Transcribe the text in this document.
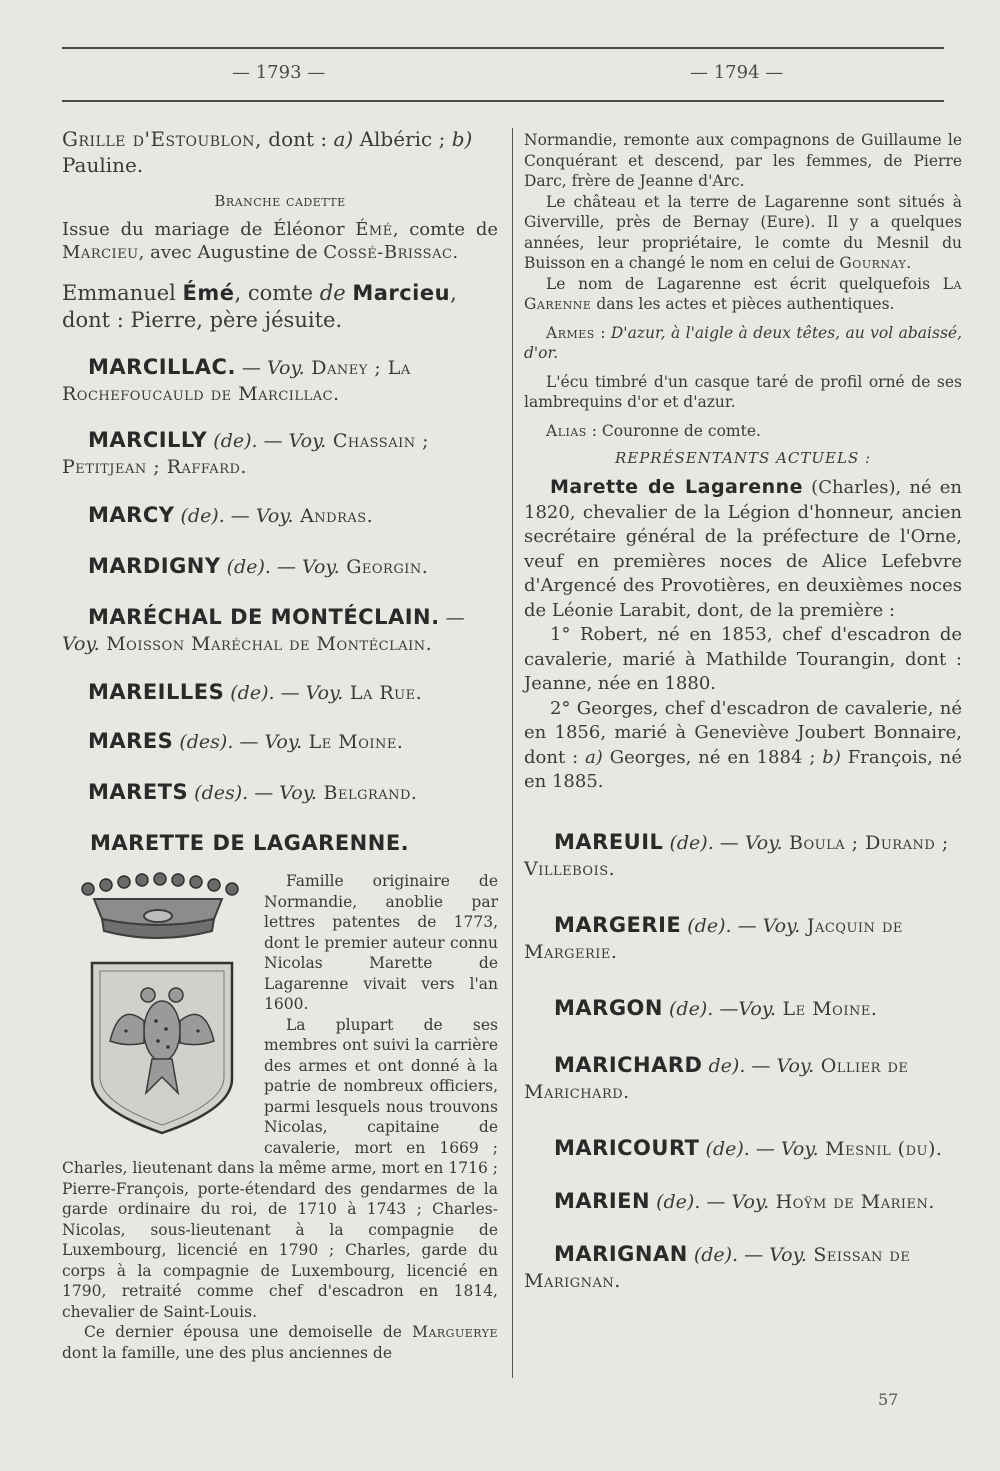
— 1793 —	— 1794 —

Grille d'Estoublon, dont : a) Albéric ; b) Pauline.

Branche cadette

Issue du mariage de Éléonor Émé, comte de Marciеu, avec Augustine de Cossé-Brissac.

Emmanuel Émé, comte de Marcieu, dont : Pierre, père jésuite.

MARCILLAC. — Voy. Daney ; La Rochefoucauld de Marcillac.

MARCILLY (de). — Voy. Chassain ; Petitjean ; Raffard.

MARCY (de). — Voy. Andras.

MARDIGNY (de). — Voy. Georgin.

MARÉCHAL DE MONTÉCLAIN. — Voy. Moisson Maréchal de Montéclain.

MAREILLES (de). — Voy. La Rue.

MARES (des). — Voy. Le Moine.

MARETS (des). — Voy. Belgrand.

MARETTE DE LAGARENNE.

Famille originaire de Normandie, anoblie par lettres patentes de 1773, dont le premier auteur connu Nicolas Marette de Lagarenne vivait vers l'an 1600.

La plupart de ses membres ont suivi la carrière des armes et ont donné à la patrie de nombreux officiers, parmi lesquels nous trouvons Nicolas, capitaine de cavalerie, mort en 1669 ; Charles, lieutenant dans la même arme, mort en 1716 ; Pierre-François, porte-étendard des gendarmes de la garde ordinaire du roi, de 1710 à 1743 ; Charles-Nicolas, sous-lieutenant à la compagnie de Luxembourg, licencié en 1790 ; Charles, garde du corps à la compagnie de Luxembourg, licencié en 1790, retraité comme chef d'escadron en 1814, chevalier de Saint-Louis.

Ce dernier épousa une demoiselle de Marguerye dont la famille, une des plus anciennes de

Normandie, remonte aux compagnons de Guillaume le Conquérant et descend, par les femmes, de Pierre Darc, frère de Jeanne d'Arc.

Le château et la terre de Lagarenne sont situés à Giverville, près de Bernay (Eure). Il y a quelques années, leur propriétaire, le comte du Mesnil du Buisson en a changé le nom en celui de Gournay.

Le nom de Lagarenne est écrit quelquefois La Garenne dans les actes et pièces authentiques.

Armes : D'azur, à l'aigle à deux têtes, au vol abaissé, d'or.

L'écu timbré d'un casque taré de profil orné de ses lambrequins d'or et d'azur.

Alias : Couronne de comte.

REPRÉSENTANTS ACTUELS :

Marette de Lagarenne (Charles), né en 1820, chevalier de la Légion d'honneur, ancien secrétaire général de la préfecture de l'Orne, veuf en premières noces de Alice Lefebvre d'Argencé des Provotières, en deuxièmes noces de Léonie Larabit, dont, de la première :

1° Robert, né en 1853, chef d'escadron de cavalerie, marié à Mathilde Tourangin, dont : Jeanne, née en 1880.

2° Georges, chef d'escadron de cavalerie, né en 1856, marié à Geneviève Joubert Bonnaire, dont : a) Georges, né en 1884 ; b) François, né en 1885.

MAREUIL (de). — Voy. Boula ; Durand ; Villebois.

MARGERIE (de). — Voy. Jacquin de Margerie.

MARGON (de). —Voy. Le Moine.

MARICHARD de). — Voy. Ollier de Marichard.

MARICOURT (de). — Voy. Mesnil (du).

MARIEN (de). — Voy. Hoÿm de Marien.

MARIGNAN (de). — Voy. Seissan de Marignan.

57
